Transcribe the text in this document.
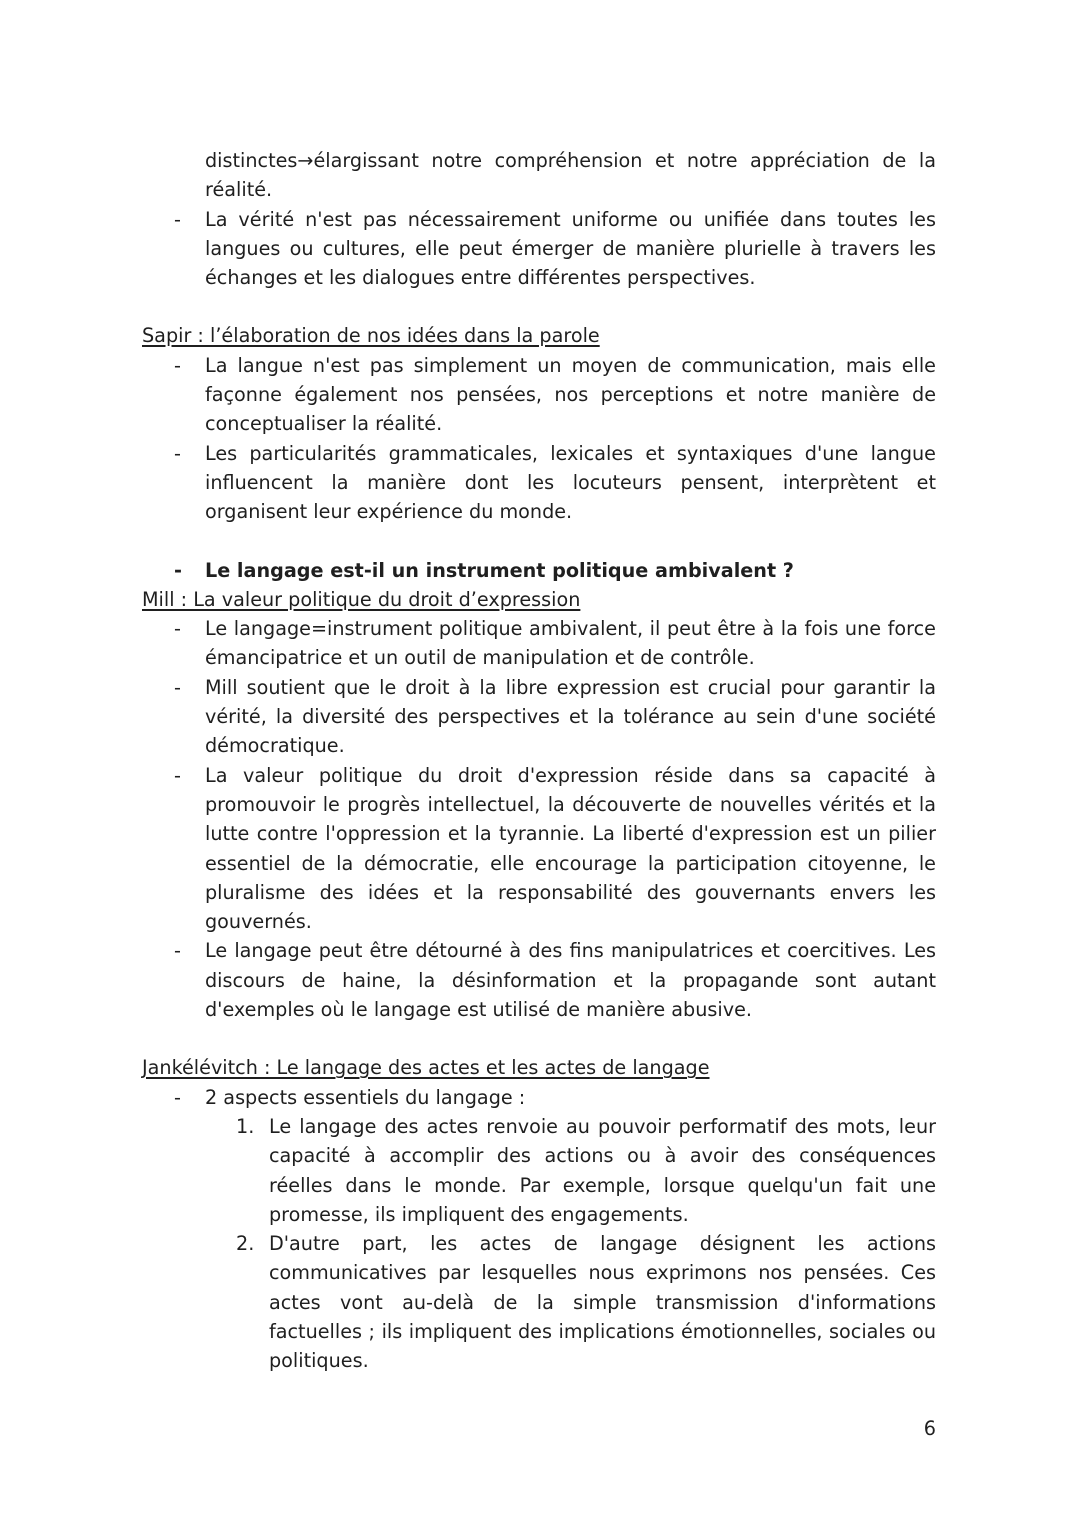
distinctes→élargissant notre compréhension et notre appréciation de la réalité.
- La vérité n'est pas nécessairement uniforme ou unifiée dans toutes les langues ou cultures, elle peut émerger de manière plurielle à travers les échanges et les dialogues entre différentes perspectives.
Sapir : l’élaboration de nos idées dans la parole
- La langue n'est pas simplement un moyen de communication, mais elle façonne également nos pensées, nos perceptions et notre manière de conceptualiser la réalité.
- Les particularités grammaticales, lexicales et syntaxiques d'une langue influencent la manière dont les locuteurs pensent, interprètent et organisent leur expérience du monde.
- Le langage est-il un instrument politique ambivalent ?
Mill : La valeur politique du droit d’expression
- Le langage=instrument politique ambivalent, il peut être à la fois une force émancipatrice et un outil de manipulation et de contrôle.
- Mill soutient que le droit à la libre expression est crucial pour garantir la vérité, la diversité des perspectives et la tolérance au sein d'une société démocratique.
- La valeur politique du droit d'expression réside dans sa capacité à promouvoir le progrès intellectuel, la découverte de nouvelles vérités et la lutte contre l'oppression et la tyrannie. La liberté d'expression est un pilier essentiel de la démocratie, elle encourage la participation citoyenne, le pluralisme des idées et la responsabilité des gouvernants envers les gouvernés.
- Le langage peut être détourné à des fins manipulatrices et coercitives. Les discours de haine, la désinformation et la propagande sont autant d'exemples où le langage est utilisé de manière abusive.
Jankélévitch : Le langage des actes et les actes de langage
- 2 aspects essentiels du langage :
1. Le langage des actes renvoie au pouvoir performatif des mots, leur capacité à accomplir des actions ou à avoir des conséquences réelles dans le monde. Par exemple, lorsque quelqu'un fait une promesse, ils impliquent des engagements.
2. D'autre part, les actes de langage désignent les actions communicatives par lesquelles nous exprimons nos pensées. Ces actes vont au-delà de la simple transmission d'informations factuelles ; ils impliquent des implications émotionnelles, sociales ou politiques.
6
